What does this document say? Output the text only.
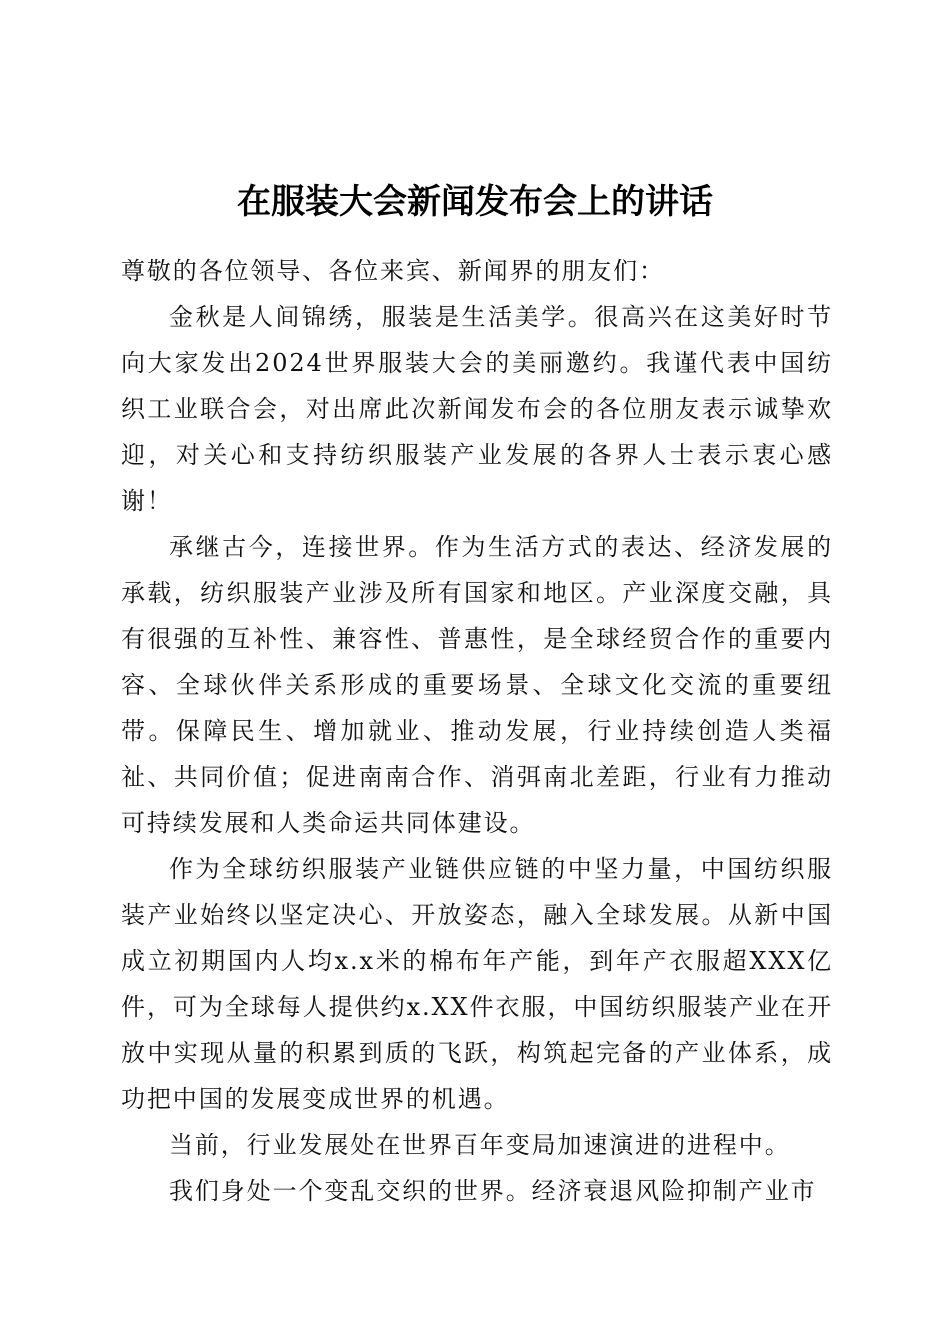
在服装大会新闻发布会上的讲话

尊敬的各位领导、各位来宾、新闻界的朋友们：

金秋是人间锦绣，服装是生活美学。很高兴在这美好时节向大家发出2024世界服装大会的美丽邀约。我谨代表中国纺织工业联合会，对出席此次新闻发布会的各位朋友表示诚挚欢迎，对关心和支持纺织服装产业发展的各界人士表示衷心感谢！

承继古今，连接世界。作为生活方式的表达、经济发展的承载，纺织服装产业涉及所有国家和地区。产业深度交融，具有很强的互补性、兼容性、普惠性，是全球经贸合作的重要内容、全球伙伴关系形成的重要场景、全球文化交流的重要纽带。保障民生、增加就业、推动发展，行业持续创造人类福祉、共同价值；促进南南合作、消弭南北差距，行业有力推动可持续发展和人类命运共同体建设。

作为全球纺织服装产业链供应链的中坚力量，中国纺织服装产业始终以坚定决心、开放姿态，融入全球发展。从新中国成立初期国内人均x.x米的棉布年产能，到年产衣服超XXX亿件，可为全球每人提供约x.XX件衣服，中国纺织服装产业在开放中实现从量的积累到质的飞跃，构筑起完备的产业体系，成功把中国的发展变成世界的机遇。

当前，行业发展处在世界百年变局加速演进的进程中。

我们身处一个变乱交织的世界。经济衰退风险抑制产业市
